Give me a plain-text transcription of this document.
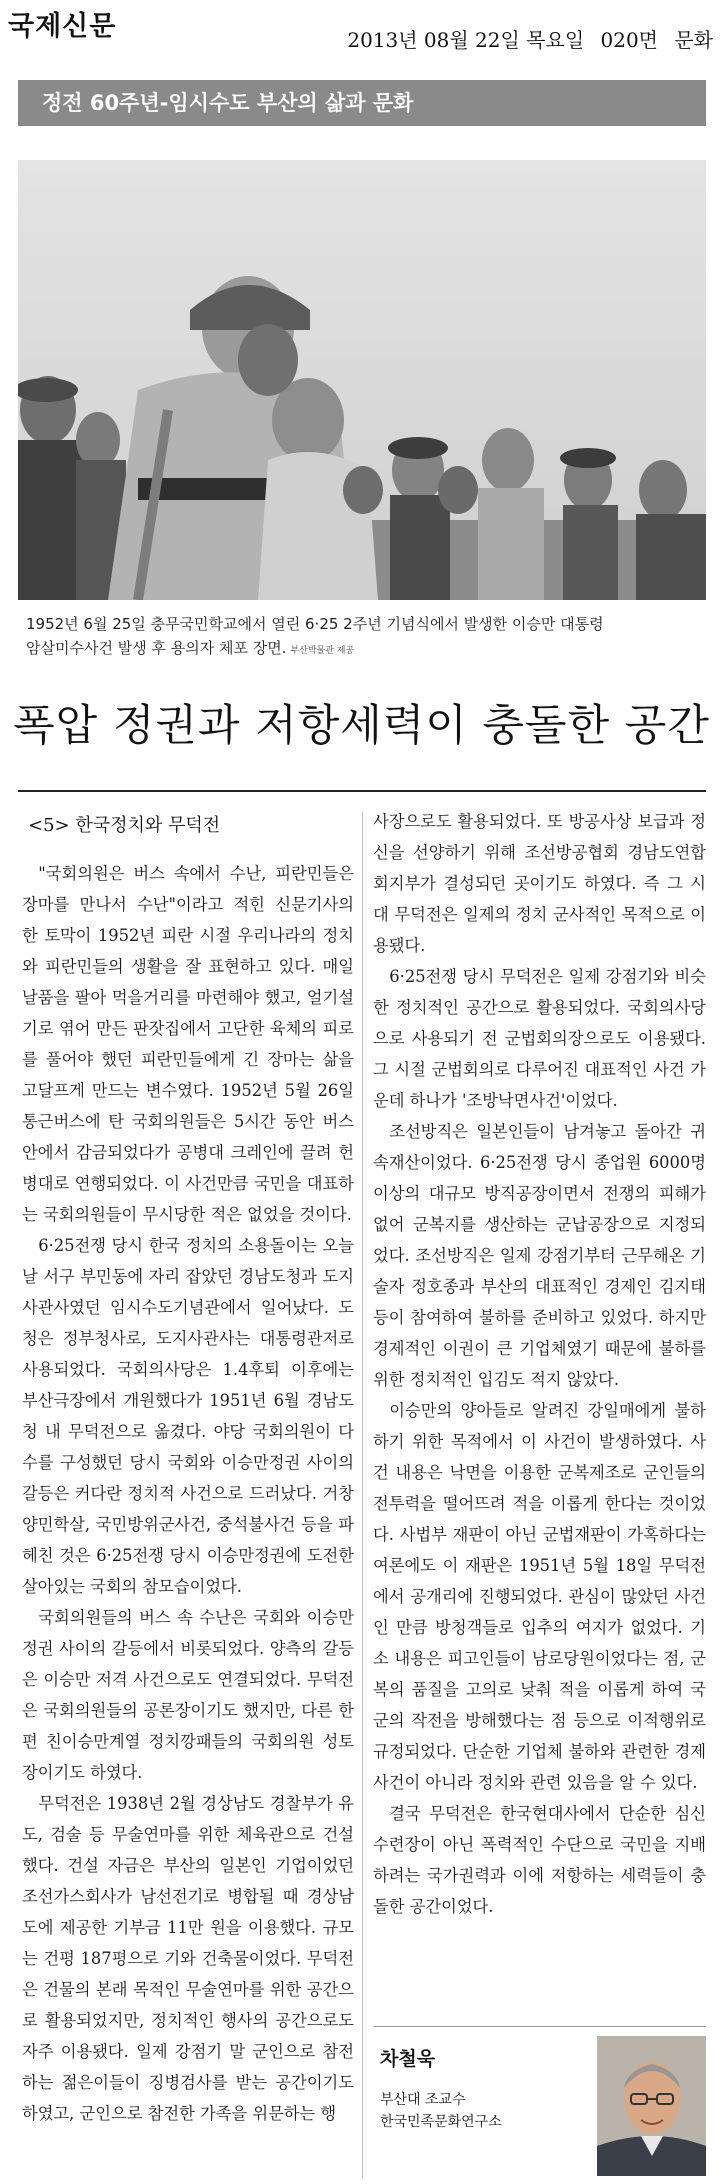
국제신문	2013년 08월 22일 목요일 020면 문화
정전 60주년-임시수도 부산의 삶과 문화
1952년 6월 25일 충무국민학교에서 열린 6·25 2주년 기념식에서 발생한 이승만 대통령
암살미수사건 발생 후 용의자 체포 장면. 부산박물관 제공
폭압 정권과 저항세력이 충돌한 공간
<5> 한국정치와 무덕전

"국회의원은 버스 속에서 수난, 피란민들은 장마를 만나서 수난"이라고 적힌 신문기사의 한 토막이 1952년 피란 시절 우리나라의 정치와 피란민들의 생활을 잘 표현하고 있다. 매일 날품을 팔아 먹을거리를 마련해야 했고, 얼기설기로 엮어 만든 판잣집에서 고단한 육체의 피로를 풀어야 했던 피란민들에게 긴 장마는 삶을 고달프게 만드는 변수였다. 1952년 5월 26일 통근버스에 탄 국회의원들은 5시간 동안 버스 안에서 감금되었다가 공병대 크레인에 끌려 헌병대로 연행되었다. 이 사건만큼 국민을 대표하는 국회의원들이 무시당한 적은 없었을 것이다.

6·25전쟁 당시 한국 정치의 소용돌이는 오늘날 서구 부민동에 자리 잡았던 경남도청과 도지사관사였던 임시수도기념관에서 일어났다. 도청은 정부청사로, 도지사관사는 대통령관저로 사용되었다. 국회의사당은 1.4후퇴 이후에는 부산극장에서 개원했다가 1951년 6월 경남도청 내 무덕전으로 옮겼다. 야당 국회의원이 다수를 구성했던 당시 국회와 이승만정권 사이의 갈등은 커다란 정치적 사건으로 드러났다. 거창양민학살, 국민방위군사건, 중석불사건 등을 파헤친 것은 6·25전쟁 당시 이승만정권에 도전한 살아있는 국회의 참모습이었다.

국회의원들의 버스 속 수난은 국회와 이승만정권 사이의 갈등에서 비롯되었다. 양측의 갈등은 이승만 저격 사건으로도 연결되었다. 무덕전은 국회의원들의 공론장이기도 했지만, 다른 한편 친이승만계열 정치깡패들의 국회의원 성토장이기도 하였다.

무덕전은 1938년 2월 경상남도 경찰부가 유도, 검술 등 무술연마를 위한 체육관으로 건설했다. 건설 자금은 부산의 일본인 기업이었던 조선가스회사가 남선전기로 병합될 때 경상남도에 제공한 기부금 11만 원을 이용했다. 규모는 건평 187평으로 기와 건축물이었다. 무덕전은 건물의 본래 목적인 무술연마를 위한 공간으로 활용되었지만, 정치적인 행사의 공간으로도 자주 이용됐다. 일제 강점기 말 군인으로 참전하는 젊은이들이 징병검사를 받는 공간이기도 하였고, 군인으로 참전한 가족을 위문하는 행

사장으로도 활용되었다. 또 방공사상 보급과 정신을 선양하기 위해 조선방공협회 경남도연합회지부가 결성되던 곳이기도 하였다. 즉 그 시대 무덕전은 일제의 정치 군사적인 목적으로 이용됐다.

6·25전쟁 당시 무덕전은 일제 강점기와 비슷한 정치적인 공간으로 활용되었다. 국회의사당으로 사용되기 전 군법회의장으로도 이용됐다. 그 시절 군법회의로 다루어진 대표적인 사건 가운데 하나가 '조방낙면사건'이었다.

조선방직은 일본인들이 남겨놓고 돌아간 귀속재산이었다. 6·25전쟁 당시 종업원 6000명 이상의 대규모 방직공장이면서 전쟁의 피해가 없어 군복지를 생산하는 군납공장으로 지정되었다. 조선방직은 일제 강점기부터 근무해온 기술자 정호종과 부산의 대표적인 경제인 김지태 등이 참여하여 불하를 준비하고 있었다. 하지만 경제적인 이권이 큰 기업체였기 때문에 불하를 위한 정치적인 입김도 적지 않았다.

이승만의 양아들로 알려진 강일매에게 불하하기 위한 목적에서 이 사건이 발생하였다. 사건 내용은 낙면을 이용한 군복제조로 군인들의 전투력을 떨어뜨려 적을 이롭게 한다는 것이었다. 사법부 재판이 아닌 군법재판이 가혹하다는 여론에도 이 재판은 1951년 5월 18일 무덕전에서 공개리에 진행되었다. 관심이 많았던 사건인 만큼 방청객들로 입추의 여지가 없었다. 기소 내용은 피고인들이 남로당원이었다는 점, 군복의 품질을 고의로 낮춰 적을 이롭게 하여 국군의 작전을 방해했다는 점 등으로 이적행위로 규정되었다. 단순한 기업체 불하와 관련한 경제사건이 아니라 정치와 관련 있음을 알 수 있다.

결국 무덕전은 한국현대사에서 단순한 심신수련장이 아닌 폭력적인 수단으로 국민을 지배하려는 국가권력과 이에 저항하는 세력들이 충돌한 공간이었다.

차철욱
부산대 조교수
한국민족문화연구소
